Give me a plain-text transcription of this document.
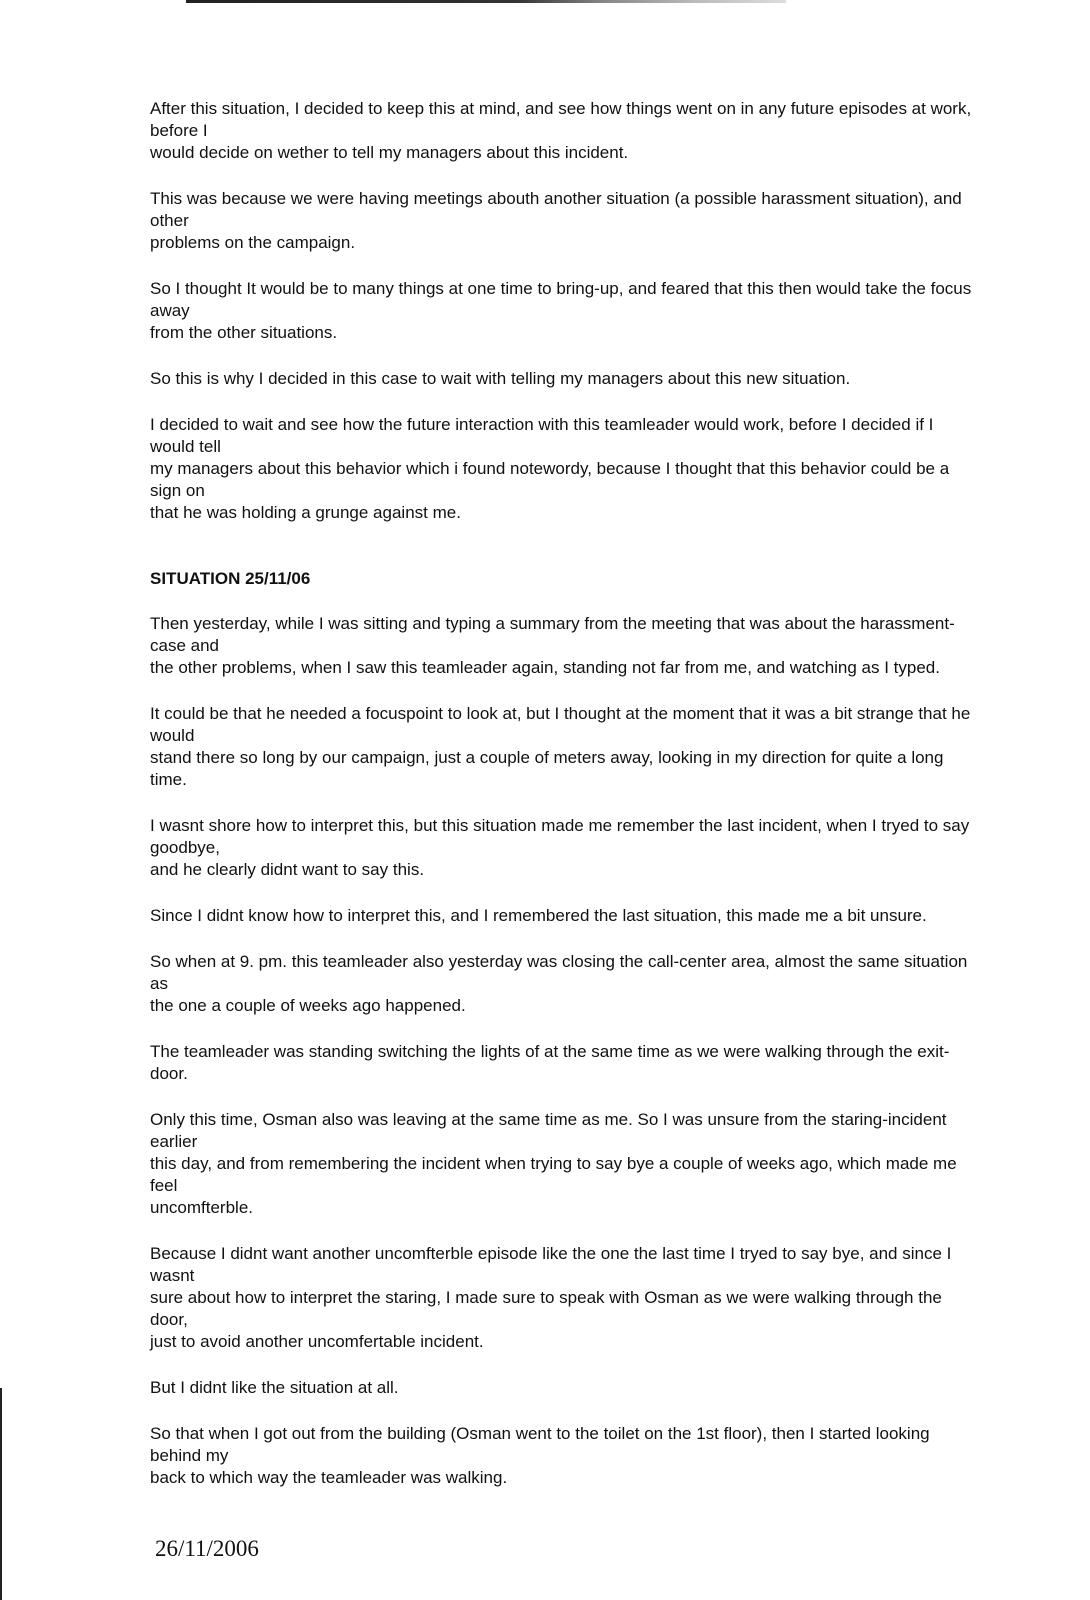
After this situation, I decided to keep this at mind, and see how things went on in any future episodes at work,
before I
would decide on wether to tell my managers about this incident.

This was because we were having meetings abouth another situation (a possible harassment situation), and
other
problems on the campaign.

So I thought It would be to many things at one time to bring-up, and feared that this then would take the focus
away
from the other situations.

So this is why I decided in this case to wait with telling my managers about this new situation.

I decided to wait and see how the future interaction with this teamleader would work, before I decided if I
would tell
my managers about this behavior which i found notewordy, because I thought that this behavior could be a
sign on
that he was holding a grunge against me.

SITUATION 25/11/06

Then yesterday, while I was sitting and typing a summary from the meeting that was about the harassment-
case and
the other problems, when I saw this teamleader again, standing not far from me, and watching as I typed.

It could be that he needed a focuspoint to look at, but I thought at the moment that it was a bit strange that he
would
stand there so long by our campaign, just a couple of meters away, looking in my direction for quite a long
time.

I wasnt shore how to interpret this, but this situation made me remember the last incident, when I tryed to say
goodbye,
and he clearly didnt want to say this.

Since I didnt know how to interpret this, and I remembered the last situation, this made me a bit unsure.

So when at 9. pm. this teamleader also yesterday was closing the call-center area, almost the same situation
as
the one a couple of weeks ago happened.

The teamleader was standing switching the lights of at the same time as we were walking through the exit-
door.

Only this time, Osman also was leaving at the same time as me. So I was unsure from the staring-incident
earlier
this day, and from remembering the incident when trying to say bye a couple of weeks ago, which made me
feel
uncomfterble.

Because I didnt want another uncomfterble episode like the one the last time I tryed to say bye, and since I
wasnt
sure about how to interpret the staring, I made sure to speak with Osman as we were walking through the
door,
just to avoid another uncomfertable incident.

But I didnt like the situation at all.

So that when I got out from the building (Osman went to the toilet on the 1st floor), then I started looking
behind my
back to which way the teamleader was walking.

26/11/2006
